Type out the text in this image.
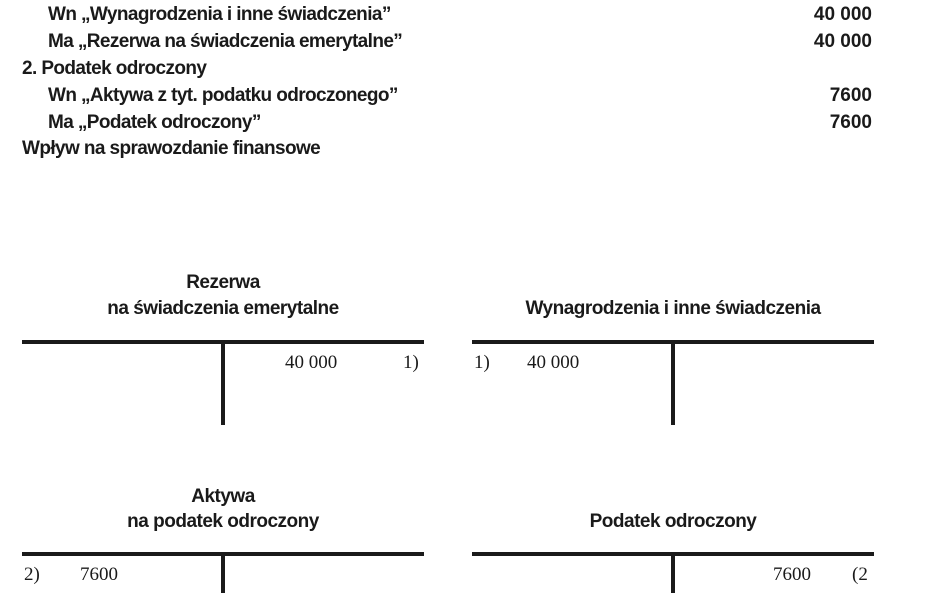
Wn „Wynagrodzenia i inne świadczenia”	40 000
Ma „Rezerwa na świadczenia emerytalne”	40 000
2. Podatek odroczony
Wn „Aktywa z tyt. podatku odroczonego”	7600
Ma „Podatek odroczony”	7600
Wpływ na sprawozdanie finansowe
Rezerwa
na świadczenia emerytalne
40 000	1)
Wynagrodzenia i inne świadczenia
1) 40 000
Aktywa
na podatek odroczony
2) 7600
Podatek odroczony
7600 (2
